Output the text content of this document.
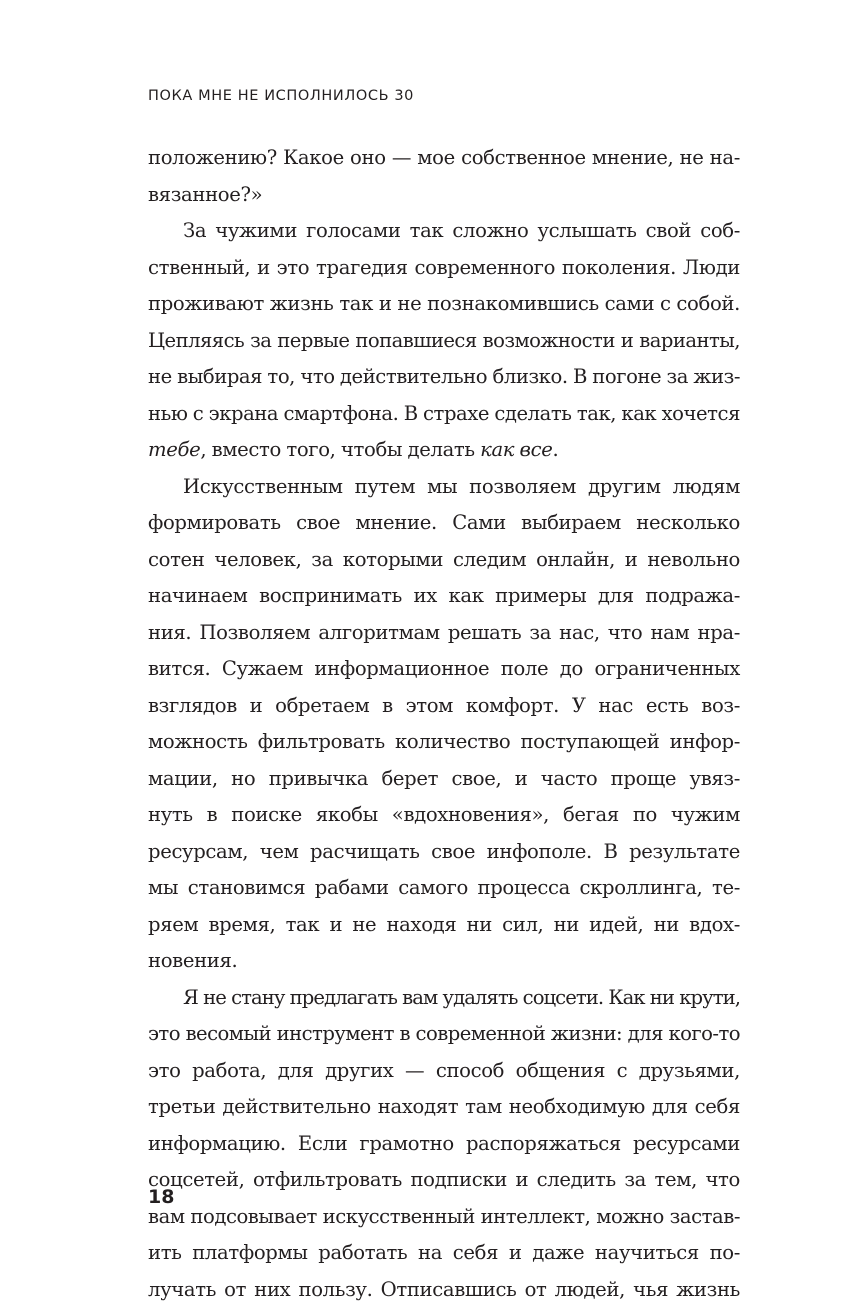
ПОКА МНЕ НЕ ИСПОЛНИЛОСЬ 30
положению? Какое оно — мое собственное мнение, не на-
вязанное?»
За чужими голосами так сложно услышать свой соб-
ственный, и это трагедия современного поколения. Люди
проживают жизнь так и не познакомившись сами с собой.
Цепляясь за первые попавшиеся возможности и варианты,
не выбирая то, что действительно близко. В погоне за жиз-
нью с экрана смартфона. В страхе сделать так, как хочется
тебе, вместо того, чтобы делать как все.
Искусственным путем мы позволяем другим людям
формировать свое мнение. Сами выбираем несколько
сотен человек, за которыми следим онлайн, и невольно
начинаем воспринимать их как примеры для подража-
ния. Позволяем алгоритмам решать за нас, что нам нра-
вится. Сужаем информационное поле до ограниченных
взглядов и обретаем в этом комфорт. У нас есть воз-
можность фильтровать количество поступающей инфор-
мации, но привычка берет свое, и часто проще увяз-
нуть в поиске якобы «вдохновения», бегая по чужим
ресурсам, чем расчищать свое инфополе. В результате
мы становимся рабами самого процесса скроллинга, те-
ряем время, так и не находя ни сил, ни идей, ни вдох-
новения.
Я не стану предлагать вам удалять соцсети. Как ни крути,
это весомый инструмент в современной жизни: для кого-то
это работа, для других — способ общения с друзьями,
третьи действительно находят там необходимую для себя
информацию. Если грамотно распоряжаться ресурсами
соцсетей, отфильтровать подписки и следить за тем, что
вам подсовывает искусственный интеллект, можно застав-
ить платформы работать на себя и даже научиться по-
лучать от них пользу. Отписавшись от людей, чья жизнь
18
